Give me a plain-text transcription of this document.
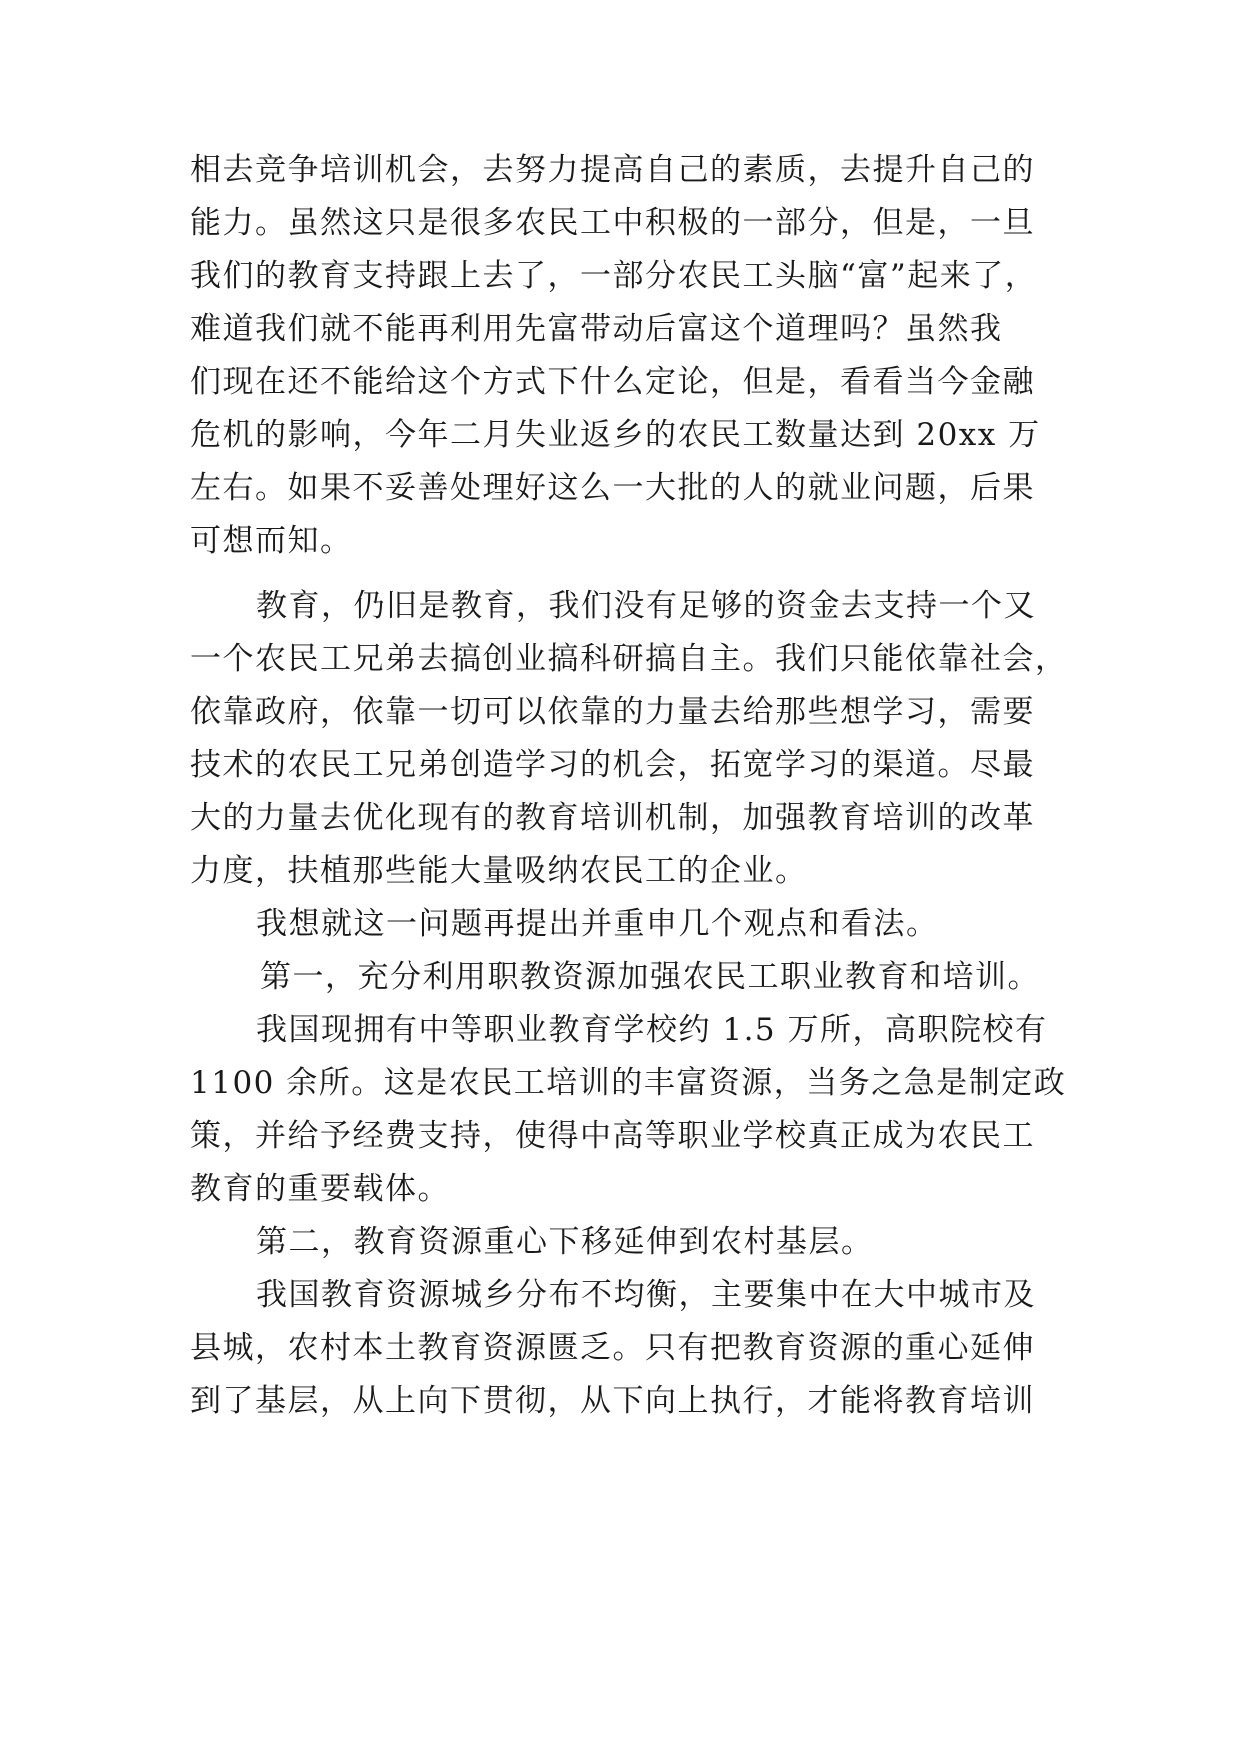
相去竞争培训机会，去努力提高自己的素质，去提升自己的
能力。虽然这只是很多农民工中积极的一部分，但是，一旦
我们的教育支持跟上去了，一部分农民工头脑“富”起来了，
难道我们就不能再利用先富带动后富这个道理吗？虽然我
们现在还不能给这个方式下什么定论，但是，看看当今金融
危机的影响，今年二月失业返乡的农民工数量达到 20xx 万
左右。如果不妥善处理好这么一大批的人的就业问题，后果
可想而知。
教育，仍旧是教育，我们没有足够的资金去支持一个又
一个农民工兄弟去搞创业搞科研搞自主。我们只能依靠社会，
依靠政府，依靠一切可以依靠的力量去给那些想学习，需要
技术的农民工兄弟创造学习的机会，拓宽学习的渠道。尽最
大的力量去优化现有的教育培训机制，加强教育培训的改革
力度，扶植那些能大量吸纳农民工的企业。
我想就这一问题再提出并重申几个观点和看法。
第一，充分利用职教资源加强农民工职业教育和培训。
我国现拥有中等职业教育学校约 1.5 万所，高职院校有
1100 余所。这是农民工培训的丰富资源，当务之急是制定政
策，并给予经费支持，使得中高等职业学校真正成为农民工
教育的重要载体。
第二，教育资源重心下移延伸到农村基层。
我国教育资源城乡分布不均衡，主要集中在大中城市及
县城，农村本土教育资源匮乏。只有把教育资源的重心延伸
到了基层，从上向下贯彻，从下向上执行，才能将教育培训
